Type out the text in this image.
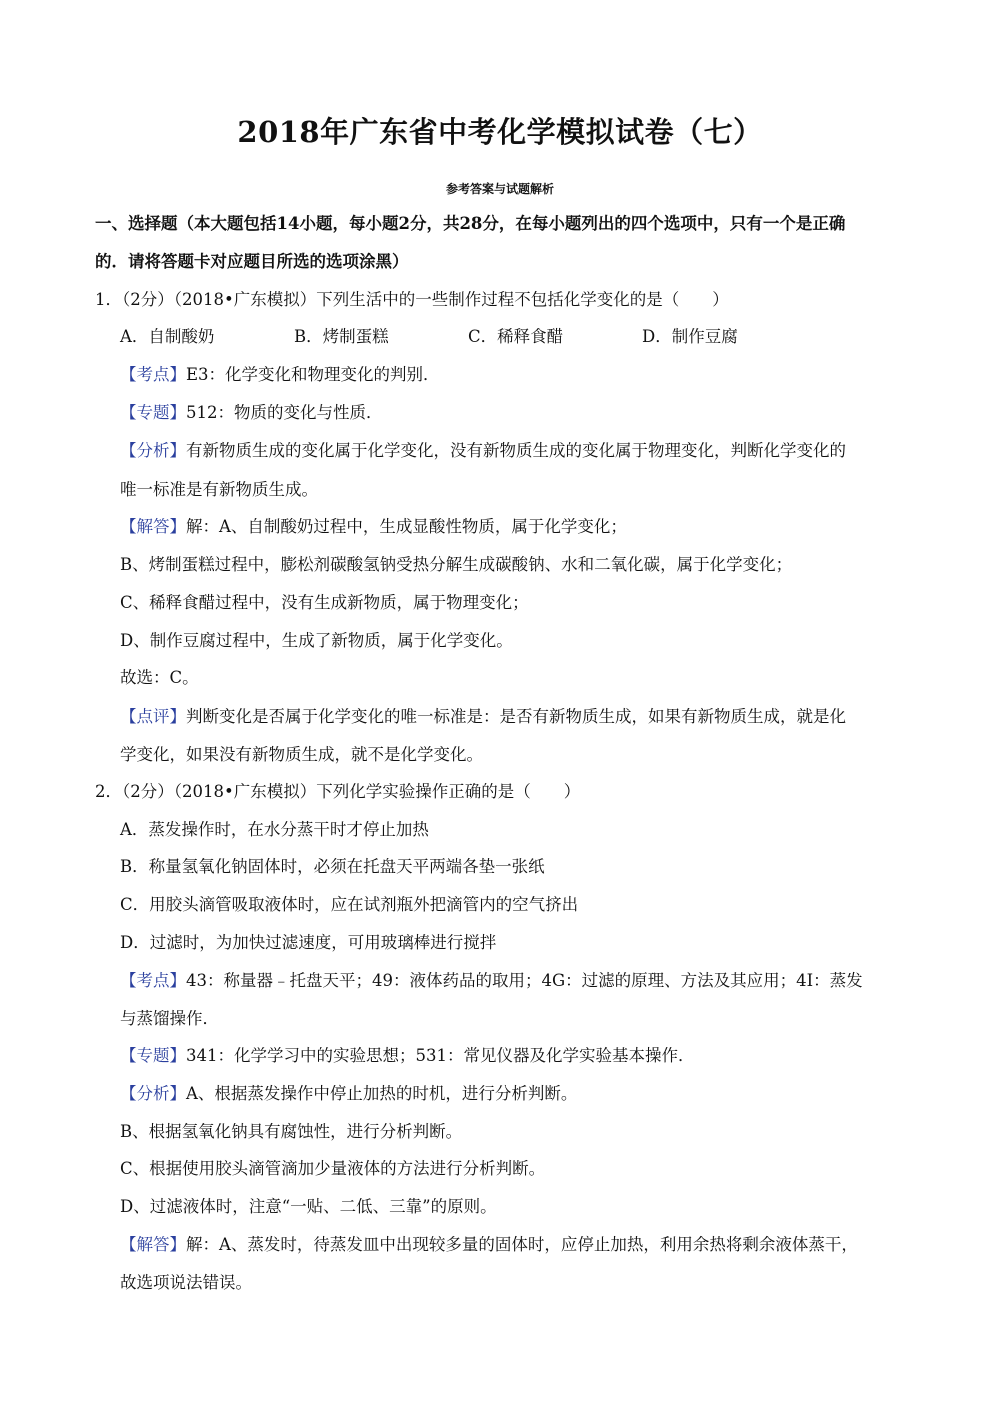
2018年广东省中考化学模拟试卷（七）
参考答案与试题解析
一、选择题（本大题包括14小题，每小题2分，共28分，在每小题列出的四个选项中，只有一个是正确
的．请将答题卡对应题目所选的选项涂黑）
1．（2分）（2018•广东模拟）下列生活中的一些制作过程不包括化学变化的是（　　）
A．自制酸奶	B．烤制蛋糕	C．稀释食醋	D．制作豆腐
【考点】E3：化学变化和物理变化的判别．
【专题】512：物质的变化与性质．
【分析】有新物质生成的变化属于化学变化，没有新物质生成的变化属于物理变化，判断化学变化的
唯一标准是有新物质生成。
【解答】解：A、自制酸奶过程中，生成显酸性物质，属于化学变化；
B、烤制蛋糕过程中，膨松剂碳酸氢钠受热分解生成碳酸钠、水和二氧化碳，属于化学变化；
C、稀释食醋过程中，没有生成新物质，属于物理变化；
D、制作豆腐过程中，生成了新物质，属于化学变化。
故选：C。
【点评】判断变化是否属于化学变化的唯一标准是：是否有新物质生成，如果有新物质生成，就是化
学变化，如果没有新物质生成，就不是化学变化。
2．（2分）（2018•广东模拟）下列化学实验操作正确的是（　　）
A．蒸发操作时，在水分蒸干时才停止加热
B．称量氢氧化钠固体时，必须在托盘天平两端各垫一张纸
C．用胶头滴管吸取液体时，应在试剂瓶外把滴管内的空气挤出
D．过滤时，为加快过滤速度，可用玻璃棒进行搅拌
【考点】43：称量器﹣托盘天平；49：液体药品的取用；4G：过滤的原理、方法及其应用；4I：蒸发
与蒸馏操作．
【专题】341：化学学习中的实验思想；531：常见仪器及化学实验基本操作．
【分析】A、根据蒸发操作中停止加热的时机，进行分析判断。
B、根据氢氧化钠具有腐蚀性，进行分析判断。
C、根据使用胶头滴管滴加少量液体的方法进行分析判断。
D、过滤液体时，注意“一贴、二低、三靠”的原则。
【解答】解：A、蒸发时，待蒸发皿中出现较多量的固体时，应停止加热，利用余热将剩余液体蒸干，
故选项说法错误。
